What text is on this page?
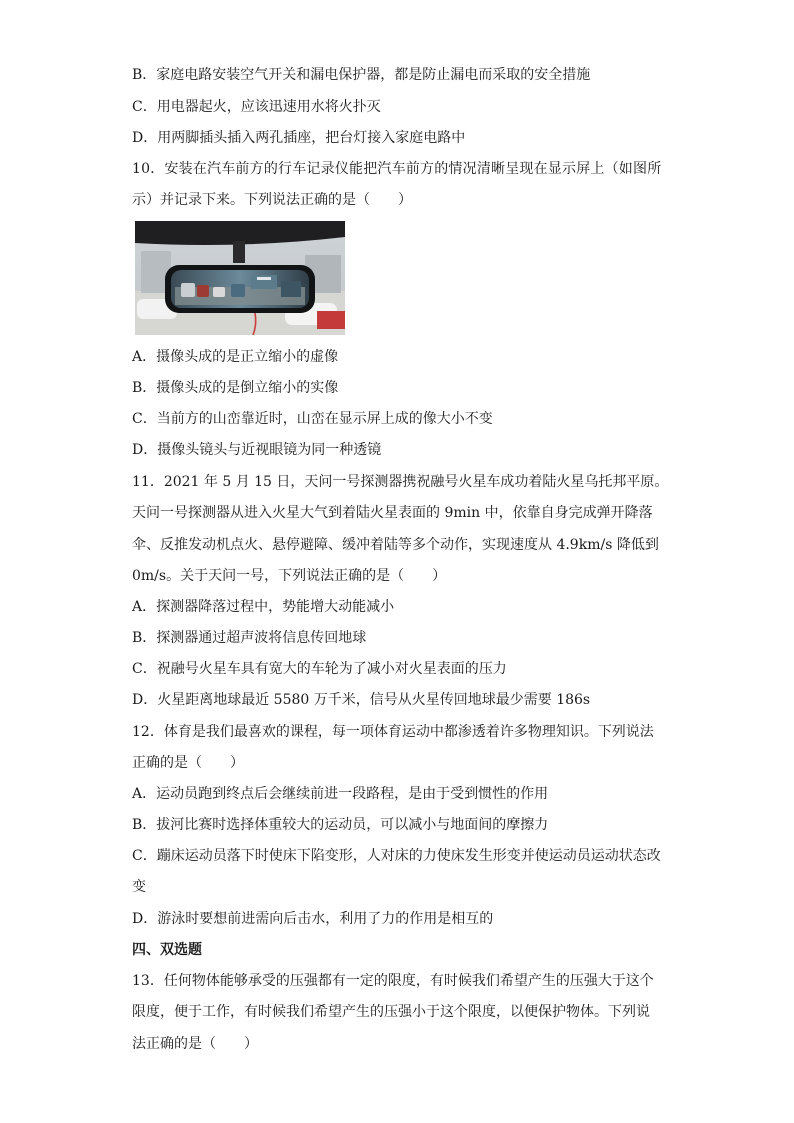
B．家庭电路安装空气开关和漏电保护器，都是防止漏电而采取的安全措施
C．用电器起火，应该迅速用水将火扑灭
D．用两脚插头插入两孔插座，把台灯接入家庭电路中
10．安装在汽车前方的行车记录仪能把汽车前方的情况清晰呈现在显示屏上（如图所
示）并记录下来。下列说法正确的是（　　）
A．摄像头成的是正立缩小的虚像
B．摄像头成的是倒立缩小的实像
C．当前方的山峦靠近时，山峦在显示屏上成的像大小不变
D．摄像头镜头与近视眼镜为同一种透镜
11．2021 年 5 月 15 日，天问一号探测器携祝融号火星车成功着陆火星乌托邦平原。
天问一号探测器从进入火星大气到着陆火星表面的 9min 中，依靠自身完成弹开降落
伞、反推发动机点火、悬停避障、缓冲着陆等多个动作，实现速度从 4.9km/s 降低到
0m/s。关于天问一号，下列说法正确的是（　　）
A．探测器降落过程中，势能增大动能减小
B．探测器通过超声波将信息传回地球
C．祝融号火星车具有宽大的车轮为了减小对火星表面的压力
D．火星距离地球最近 5580 万千米，信号从火星传回地球最少需要 186s
12．体育是我们最喜欢的课程，每一项体育运动中都渗透着许多物理知识。下列说法
正确的是（　　）
A．运动员跑到终点后会继续前进一段路程，是由于受到惯性的作用
B．拔河比赛时选择体重较大的运动员，可以减小与地面间的摩擦力
C．蹦床运动员落下时使床下陷变形，人对床的力使床发生形变并使运动员运动状态改
变
D．游泳时要想前进需向后击水，利用了力的作用是相互的
四、双选题
13．任何物体能够承受的压强都有一定的限度，有时候我们希望产生的压强大于这个
限度，便于工作，有时候我们希望产生的压强小于这个限度，以便保护物体。下列说
法正确的是（　　）
